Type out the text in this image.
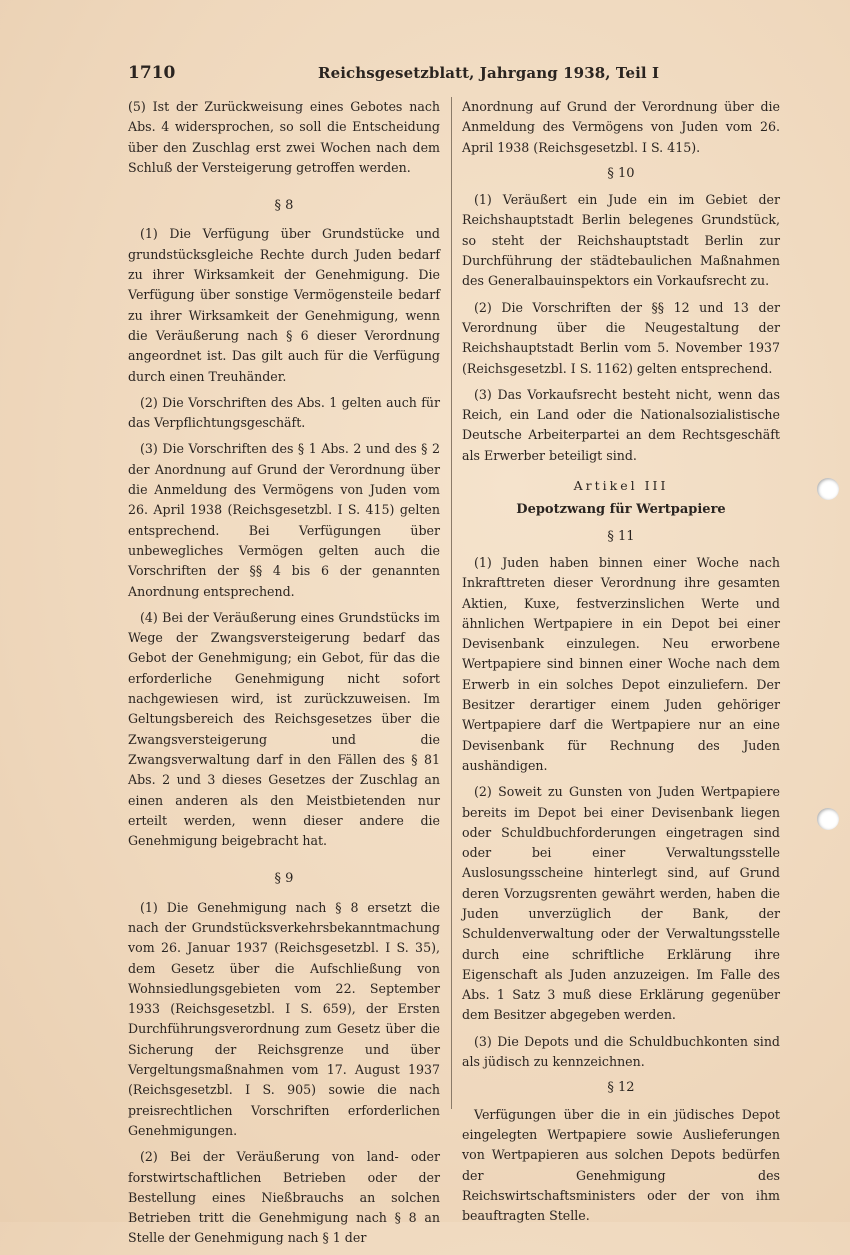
1710	Reichsgesetzblatt, Jahrgang 1938, Teil I

(5) Ist der Zurückweisung eines Gebotes nach Abs. 4 widersprochen, so soll die Entscheidung über den Zuschlag erst zwei Wochen nach dem Schluß der Versteigerung getroffen werden.

§ 8

(1) Die Verfügung über Grundstücke und grundstücksgleiche Rechte durch Juden bedarf zu ihrer Wirksamkeit der Genehmigung. Die Verfügung über sonstige Vermögensteile bedarf zu ihrer Wirksamkeit der Genehmigung, wenn die Veräußerung nach § 6 dieser Verordnung angeordnet ist. Das gilt auch für die Verfügung durch einen Treuhänder.

(2) Die Vorschriften des Abs. 1 gelten auch für das Verpflichtungsgeschäft.

(3) Die Vorschriften des § 1 Abs. 2 und des § 2 der Anordnung auf Grund der Verordnung über die Anmeldung des Vermögens von Juden vom 26. April 1938 (Reichsgesetzbl. I S. 415) gelten entsprechend. Bei Verfügungen über unbewegliches Vermögen gelten auch die Vorschriften der §§ 4 bis 6 der genannten Anordnung entsprechend.

(4) Bei der Veräußerung eines Grundstücks im Wege der Zwangsversteigerung bedarf das Gebot der Genehmigung; ein Gebot, für das die erforderliche Genehmigung nicht sofort nachgewiesen wird, ist zurückzuweisen. Im Geltungsbereich des Reichsgesetzes über die Zwangsversteigerung und die Zwangsverwaltung darf in den Fällen des § 81 Abs. 2 und 3 dieses Gesetzes der Zuschlag an einen anderen als den Meistbietenden nur erteilt werden, wenn dieser andere die Genehmigung beigebracht hat.

§ 9

(1) Die Genehmigung nach § 8 ersetzt die nach der Grundstücksverkehrsbekanntmachung vom 26. Januar 1937 (Reichsgesetzbl. I S. 35), dem Gesetz über die Aufschließung von Wohnsiedlungsgebieten vom 22. September 1933 (Reichsgesetzbl. I S. 659), der Ersten Durchführungsverordnung zum Gesetz über die Sicherung der Reichsgrenze und über Vergeltungsmaßnahmen vom 17. August 1937 (Reichsgesetzbl. I S. 905) sowie die nach preisrechtlichen Vorschriften erforderlichen Genehmigungen.

(2) Bei der Veräußerung von land- oder forstwirtschaftlichen Betrieben oder der Bestellung eines Nießbrauchs an solchen Betrieben tritt die Genehmigung nach § 8 an Stelle der Genehmigung nach § 1 der

Anordnung auf Grund der Verordnung über die Anmeldung des Vermögens von Juden vom 26. April 1938 (Reichsgesetzbl. I S. 415).

§ 10

(1) Veräußert ein Jude ein im Gebiet der Reichshauptstadt Berlin belegenes Grundstück, so steht der Reichshauptstadt Berlin zur Durchführung der städtebaulichen Maßnahmen des Generalbauinspektors ein Vorkaufsrecht zu.

(2) Die Vorschriften der §§ 12 und 13 der Verordnung über die Neugestaltung der Reichshauptstadt Berlin vom 5. November 1937 (Reichsgesetzbl. I S. 1162) gelten entsprechend.

(3) Das Vorkaufsrecht besteht nicht, wenn das Reich, ein Land oder die Nationalsozialistische Deutsche Arbeiterpartei an dem Rechtsgeschäft als Erwerber beteiligt sind.

Artikel III
Depotzwang für Wertpapiere
§ 11

(1) Juden haben binnen einer Woche nach Inkrafttreten dieser Verordnung ihre gesamten Aktien, Kuxe, festverzinslichen Werte und ähnlichen Wertpapiere in ein Depot bei einer Devisenbank einzulegen. Neu erworbene Wertpapiere sind binnen einer Woche nach dem Erwerb in ein solches Depot einzuliefern. Der Besitzer derartiger einem Juden gehöriger Wertpapiere darf die Wertpapiere nur an eine Devisenbank für Rechnung des Juden aushändigen.

(2) Soweit zu Gunsten von Juden Wertpapiere bereits im Depot bei einer Devisenbank liegen oder Schuldbuchforderungen eingetragen sind oder bei einer Verwaltungsstelle Auslosungsscheine hinterlegt sind, auf Grund deren Vorzugsrenten gewährt werden, haben die Juden unverzüglich der Bank, der Schuldenverwaltung oder der Verwaltungsstelle durch eine schriftliche Erklärung ihre Eigenschaft als Juden anzuzeigen. Im Falle des Abs. 1 Satz 3 muß diese Erklärung gegenüber dem Besitzer abgegeben werden.

(3) Die Depots und die Schuldbuchkonten sind als jüdisch zu kennzeichnen.

§ 12

Verfügungen über die in ein jüdisches Depot eingelegten Wertpapiere sowie Auslieferungen von Wertpapieren aus solchen Depots bedürfen der Genehmigung des Reichswirtschaftsministers oder der von ihm beauftragten Stelle.
